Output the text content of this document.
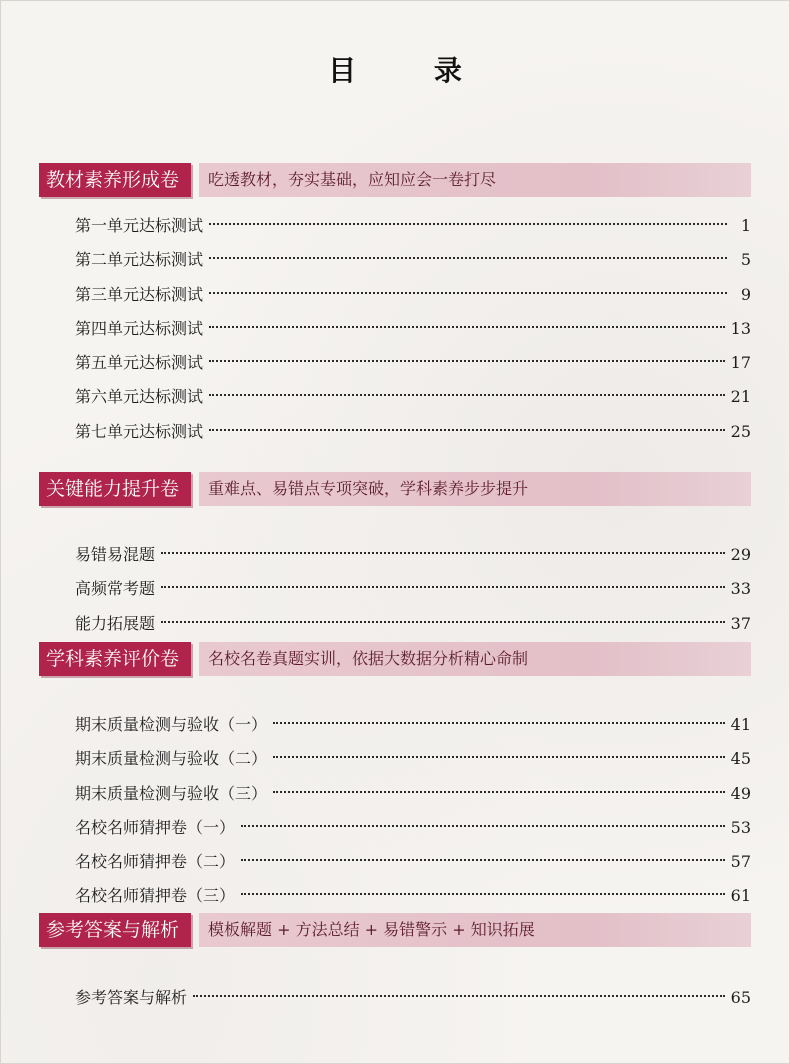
目 录
教材素养形成卷	吃透教材，夯实基础，应知应会一卷打尽
第一单元达标测试	1
第二单元达标测试	5
第三单元达标测试	9
第四单元达标测试	13
第五单元达标测试	17
第六单元达标测试	21
第七单元达标测试	25
关键能力提升卷	重难点、易错点专项突破，学科素养步步提升
易错易混题	29
高频常考题	33
能力拓展题	37
学科素养评价卷	名校名卷真题实训，依据大数据分析精心命制
期末质量检测与验收（一）	41
期末质量检测与验收（二）	45
期末质量检测与验收（三）	49
名校名师猜押卷（一）	53
名校名师猜押卷（二）	57
名校名师猜押卷（三）	61
参考答案与解析	模板解题 + 方法总结 + 易错警示 + 知识拓展
参考答案与解析	65
